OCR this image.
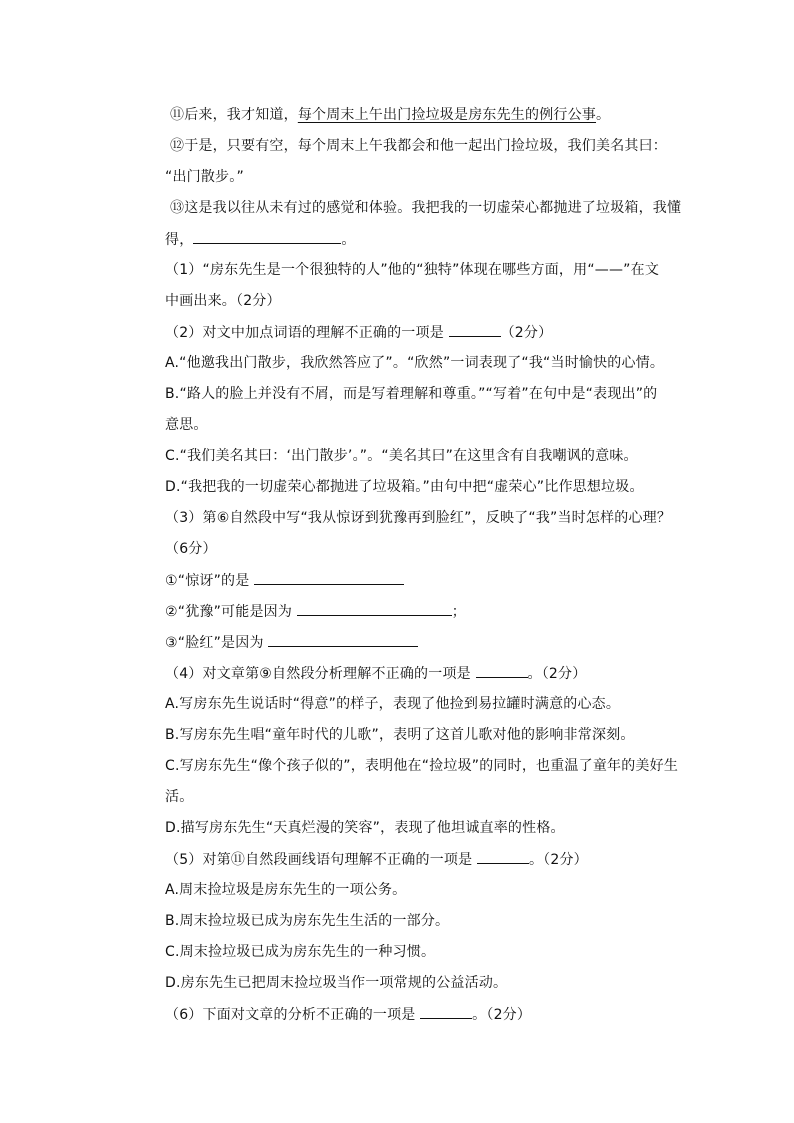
⑪后来，我才知道，每个周末上午出门捡垃圾是房东先生的例行公事。
⑫于是，只要有空，每个周末上午我都会和他一起出门捡垃圾，我们美名其曰：
“出门散步。”
⑬这是我以往从未有过的感觉和体验。我把我的一切虚荣心都抛进了垃圾箱，我懂
得，	。
（1）“房东先生是一个很独特的人”他的“独特”体现在哪些方面，用“——”在文
中画出来。（2分）
（2）对文中加点词语的理解不正确的一项是	（2分）
A.“他邀我出门散步，我欣然答应了”。“欣然”一词表现了“我“当时愉快的心情。
B.“路人的脸上并没有不屑，而是写着理解和尊重。”“写着”在句中是“表现出”的
意思。
C.“我们美名其曰：‘出门散步’。”。“美名其曰”在这里含有自我嘲讽的意味。
D.“我把我的一切虚荣心都抛进了垃圾箱。”由句中把“虚荣心”比作思想垃圾。
（3）第⑥自然段中写“我从惊讶到犹豫再到脸红”，反映了“我”当时怎样的心理？
（6分）
①“惊讶”的是
②“犹豫”可能是因为	；
③“脸红”是因为
（4）对文章第⑨自然段分析理解不正确的一项是	。（2分）
A.写房东先生说话时“得意”的样子，表现了他捡到易拉罐时满意的心态。
B.写房东先生唱“童年时代的儿歌”，表明了这首儿歌对他的影响非常深刻。
C.写房东先生“像个孩子似的”，表明他在“捡垃圾”的同时，也重温了童年的美好生
活。
D.描写房东先生“天真烂漫的笑容”，表现了他坦诚直率的性格。
（5）对第⑪自然段画线语句理解不正确的一项是	。（2分）
A.周末捡垃圾是房东先生的一项公务。
B.周末捡垃圾已成为房东先生生活的一部分。
C.周末捡垃圾已成为房东先生的一种习惯。
D.房东先生已把周末捡垃圾当作一项常规的公益活动。
（6）下面对文章的分析不正确的一项是	。（2分）
